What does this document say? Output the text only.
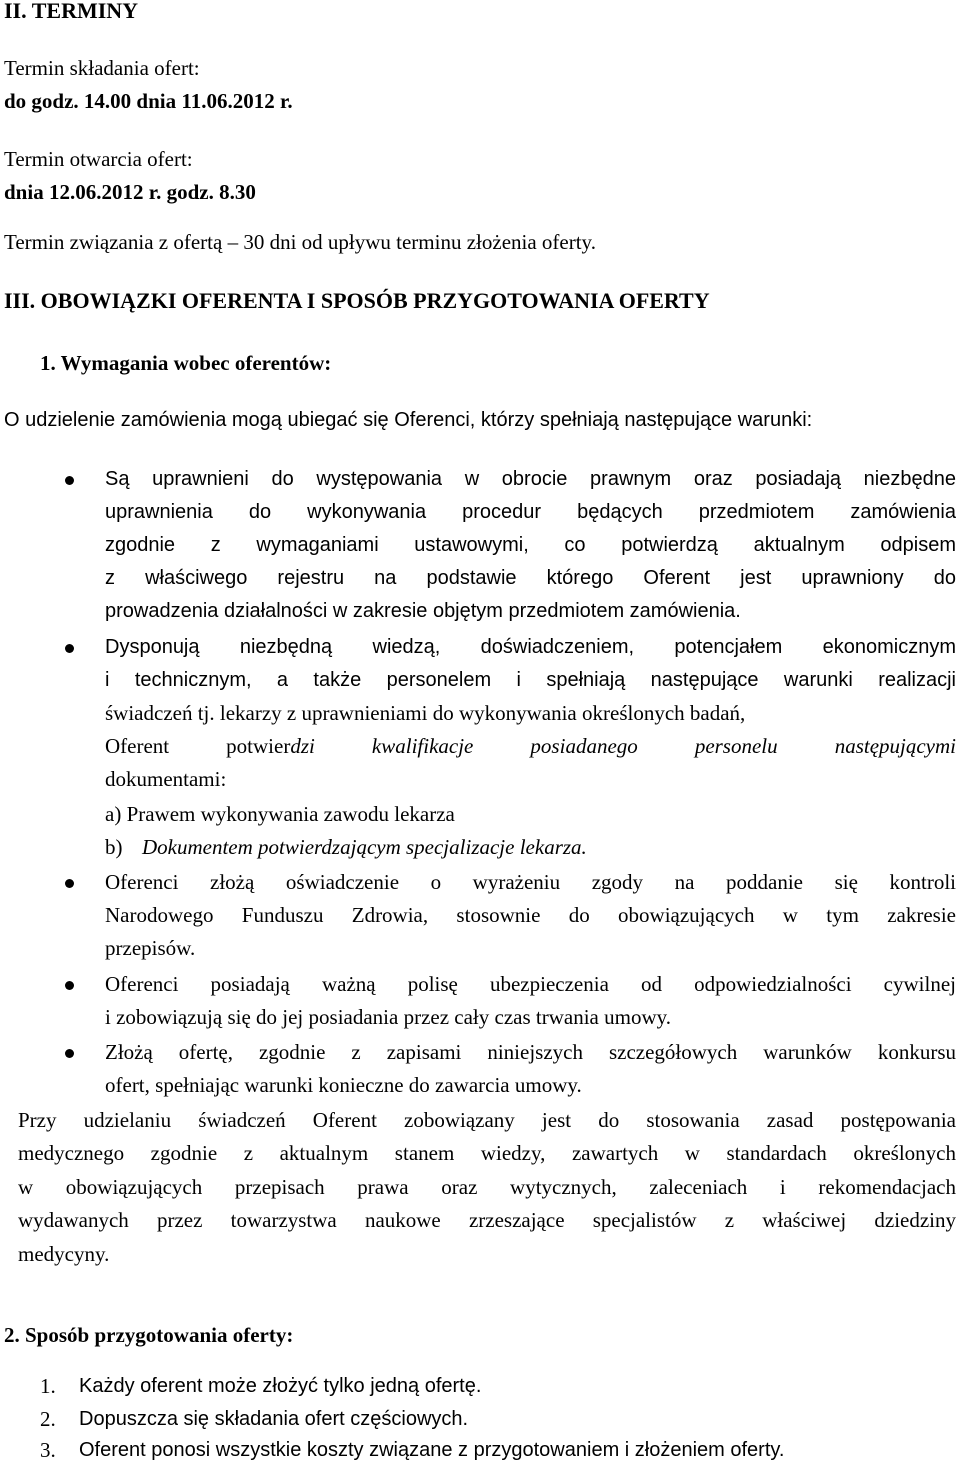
II. TERMINY
Termin składania ofert:
do godz. 14.00 dnia 11.06.2012 r.
Termin otwarcia ofert:
dnia 12.06.2012 r. godz. 8.30
Termin związania z ofertą – 30 dni od upływu terminu złożenia oferty.
III. OBOWIĄZKI OFERENTA I SPOSÓB PRZYGOTOWANIA OFERTY
1. Wymagania wobec oferentów:
O udzielenie zamówienia mogą ubiegać się Oferenci, którzy spełniają następujące warunki:
Są uprawnieni do występowania w obrocie prawnym oraz posiadają niezbędne
uprawnienia do wykonywania procedur będących przedmiotem zamówienia
zgodnie z wymaganiami ustawowymi, co potwierdzą aktualnym odpisem
z właściwego rejestru na podstawie którego Oferent jest uprawniony do
prowadzenia działalności w zakresie objętym przedmiotem zamówienia.
Dysponują niezbędną wiedzą, doświadczeniem, potencjałem ekonomicznym
i technicznym, a także personelem i spełniają następujące warunki realizacji
świadczeń tj. lekarzy z uprawnieniami do wykonywania określonych badań,
Oferent potwierdzi kwalifikacje posiadanego personelu następującymi
dokumentami:
a) Prawem wykonywania zawodu lekarza
b) Dokumentem potwierdzającym specjalizacje lekarza.
Oferenci złożą oświadczenie o wyrażeniu zgody na poddanie się kontroli
Narodowego Funduszu Zdrowia, stosownie do obowiązujących w tym zakresie
przepisów.
Oferenci posiadają ważną polisę ubezpieczenia od odpowiedzialności cywilnej
i zobowiązują się do jej posiadania przez cały czas trwania umowy.
Złożą ofertę, zgodnie z zapisami niniejszych szczegółowych warunków konkursu
ofert, spełniając warunki konieczne do zawarcia umowy.
Przy udzielaniu świadczeń Oferent zobowiązany jest do stosowania zasad postępowania
medycznego zgodnie z aktualnym stanem wiedzy, zawartych w standardach określonych
w obowiązujących przepisach prawa oraz wytycznych, zaleceniach i rekomendacjach
wydawanych przez towarzystwa naukowe zrzeszające specjalistów z właściwej dziedziny
medycyny.
2. Sposób przygotowania oferty:
1. Każdy oferent może złożyć tylko jedną ofertę.
2. Dopuszcza się składania ofert częściowych.
3. Oferent ponosi wszystkie koszty związane z przygotowaniem i złożeniem oferty.
